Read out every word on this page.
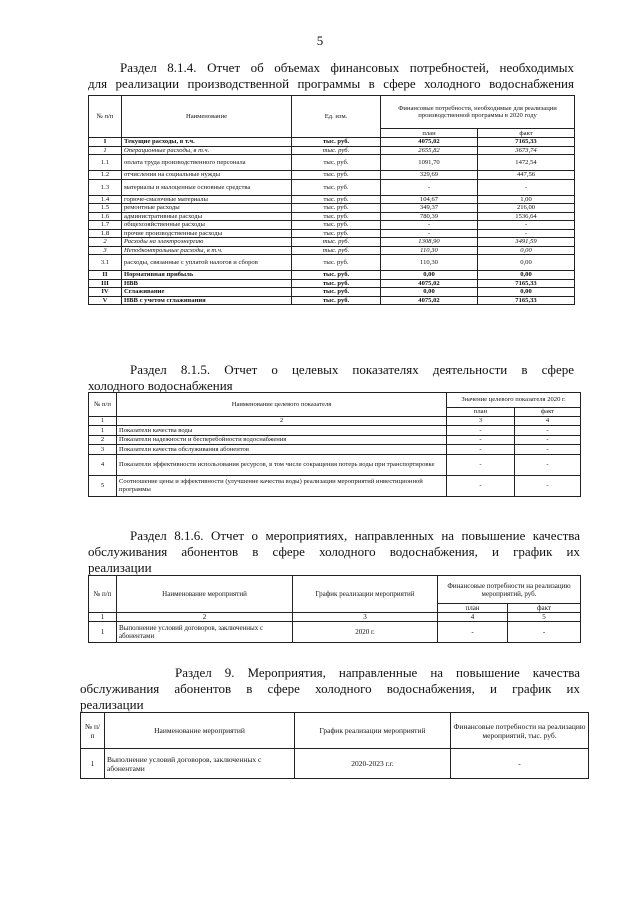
5
Раздел 8.1.4. Отчет об объемах финансовых потребностей, необходимых
для реализации производственной программы в сфере холодного водоснабжения
№ п/п	Наименование	Ед. изм.	Финансовые потребности, необходимые для реализации производственной программы в 2020 году	
			план	факт
I	Текущие расходы, в т.ч.	тыс. руб.	4075,02	7165,33
1	Операционные расходы, в т.ч.	тыс. руб.	2655,82	3673,74
1.1	оплата труда производственного персонала	тыс. руб.	1091,70	1472,54
1.2	отчисления на социальные нужды	тыс. руб.	329,69	447,56
1.3	материалы и малоценные основные средства	тыс. руб.	-	-
1.4	горюче-смазочные материалы	тыс. руб.	104,67	1,00
1.5	ремонтные расходы	тыс. руб.	349,37	216,00
1.6	административные расходы	тыс. руб.	780,39	1536,64
1.7	общехозяйственные расходы	тыс. руб.	-	-
1.8	прочие производственные расходы	тыс. руб.	-	-
2	Расходы на электроэнергию	тыс. руб.	1308,90	3491,59
3	Неподконтрольные расходы, в т.ч.	тыс. руб.	110,30	0,00
3.1	расходы, связанные с уплатой налогов и сборов	тыс. руб.	110,30	0,00
II	Нормативная прибыль	тыс. руб.	0,00	0,00
III	НВВ	тыс. руб.	4075,02	7165,33
IV	Сглаживание	тыс. руб.	0,00	0,00
V	НВВ с учетом сглаживания	тыс. руб.	4075,02	7165,33
Раздел 8.1.5. Отчет о целевых показателях деятельности в сфере
холодного водоснабжения
№ п/п	Наименование целевого показателя	Значение целевого показателя 2020 г.	
		план	факт
1	2	3	4
1	Показатели качества воды	-	-
2	Показатели надежности и бесперебойности водоснабжения	-	-
3	Показатели качества обслуживания абонентов	-	-
4	Показатели эффективности использования ресурсов, в том числе сокращения потерь воды при транспортировке	-	-
5	Соотношение цены и эффективности (улучшение качества воды) реализации мероприятий инвестиционной программы	-	-
Раздел 8.1.6. Отчет о мероприятиях, направленных на повышение качества
обслуживания абонентов в сфере холодного водоснабжения, и график их
реализации
№ п/п	Наименование мероприятий	График реализации мероприятий	Финансовые потребности на реализацию мероприятий, руб.	
			план	факт
1	2	3	4	5
1	Выполнение условий договоров, заключенных с абонентами	2020 г.	-	-
Раздел 9. Мероприятия, направленные на повышение качества
обслуживания абонентов в сфере холодного водоснабжения, и график их
реализации
№ п/п	Наименование мероприятий	График реализации мероприятий	Финансовые потребности на реализацию мероприятий, тыс. руб.
1	Выполнение условий договоров, заключенных с абонентами	2020-2023 г.г.	-
